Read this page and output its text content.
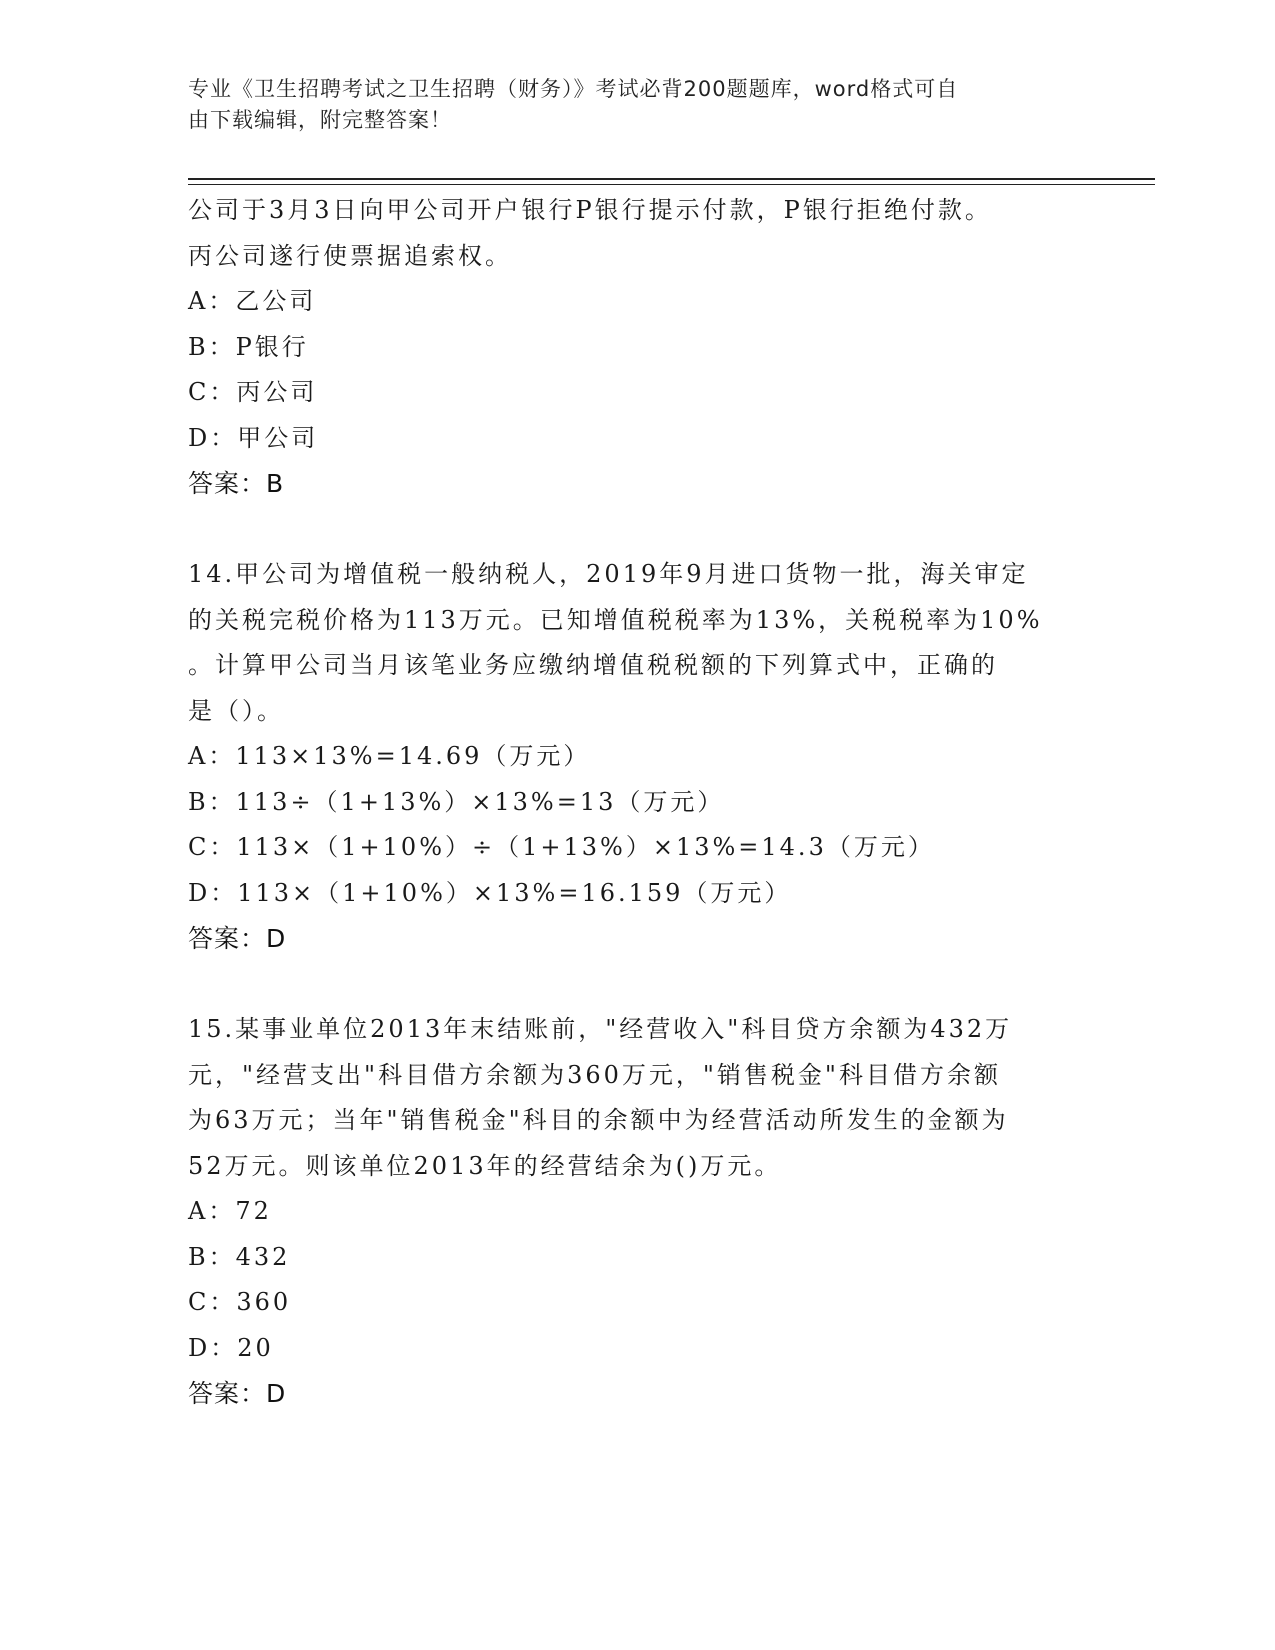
专业《卫生招聘考试之卫生招聘（财务）》考试必背200题题库，word格式可自
由下载编辑，附完整答案！

公司于3月3日向甲公司开户银行P银行提示付款，P银行拒绝付款。

丙公司遂行使票据追索权。

A：乙公司

B：P银行

C：丙公司

D：甲公司

答案：B

14.甲公司为增值税一般纳税人，2019年9月进口货物一批，海关审定

的关税完税价格为113万元。已知增值税税率为13%，关税税率为10%

。计算甲公司当月该笔业务应缴纳增值税税额的下列算式中，正确的

是（）。

A：113×13%=14.69（万元）

B：113÷（1+13%）×13%=13（万元）

C：113×（1+10%）÷（1+13%）×13%=14.3（万元）

D：113×（1+10%）×13%=16.159（万元）

答案：D

15.某事业单位2013年末结账前，"经营收入"科目贷方余额为432万

元，"经营支出"科目借方余额为360万元，"销售税金"科目借方余额

为63万元；当年"销售税金"科目的余额中为经营活动所发生的金额为

52万元。则该单位2013年的经营结余为()万元。

A：72

B：432

C：360

D：20

答案：D
